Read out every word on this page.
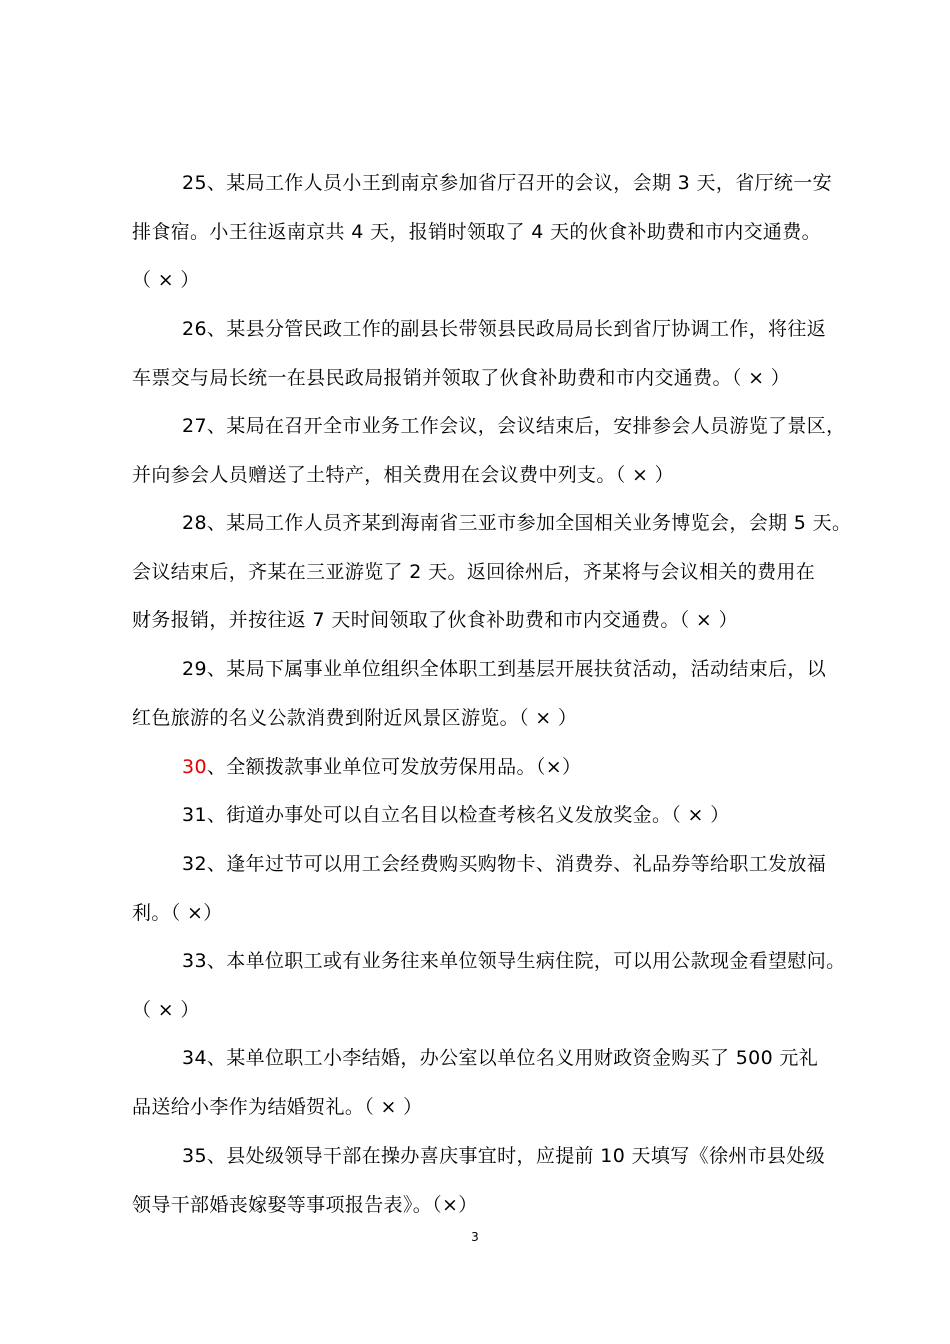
25、某局工作人员小王到南京参加省厅召开的会议，会期 3 天，省厅统一安
排食宿。小王往返南京共 4 天，报销时领取了 4 天的伙食补助费和市内交通费。
（ × ）
26、某县分管民政工作的副县长带领县民政局局长到省厅协调工作，将往返
车票交与局长统一在县民政局报销并领取了伙食补助费和市内交通费。（ × ）
27、某局在召开全市业务工作会议，会议结束后，安排参会人员游览了景区，
并向参会人员赠送了土特产，相关费用在会议费中列支。（ × ）
28、某局工作人员齐某到海南省三亚市参加全国相关业务博览会，会期 5 天。
会议结束后，齐某在三亚游览了 2 天。返回徐州后，齐某将与会议相关的费用在
财务报销，并按往返 7 天时间领取了伙食补助费和市内交通费。（ × ）
29、某局下属事业单位组织全体职工到基层开展扶贫活动，活动结束后，以
红色旅游的名义公款消费到附近风景区游览。（ × ）
30、全额拨款事业单位可发放劳保用品。（×）
31、街道办事处可以自立名目以检查考核名义发放奖金。（ × ）
32、逢年过节可以用工会经费购买购物卡、消费券、礼品券等给职工发放福
利。（ ×）
33、本单位职工或有业务往来单位领导生病住院，可以用公款现金看望慰问。
（ × ）
34、某单位职工小李结婚，办公室以单位名义用财政资金购买了 500 元礼
品送给小李作为结婚贺礼。（ × ）
35、县处级领导干部在操办喜庆事宜时，应提前 10 天填写《徐州市县处级
领导干部婚丧嫁娶等事项报告表》。（×）
3
